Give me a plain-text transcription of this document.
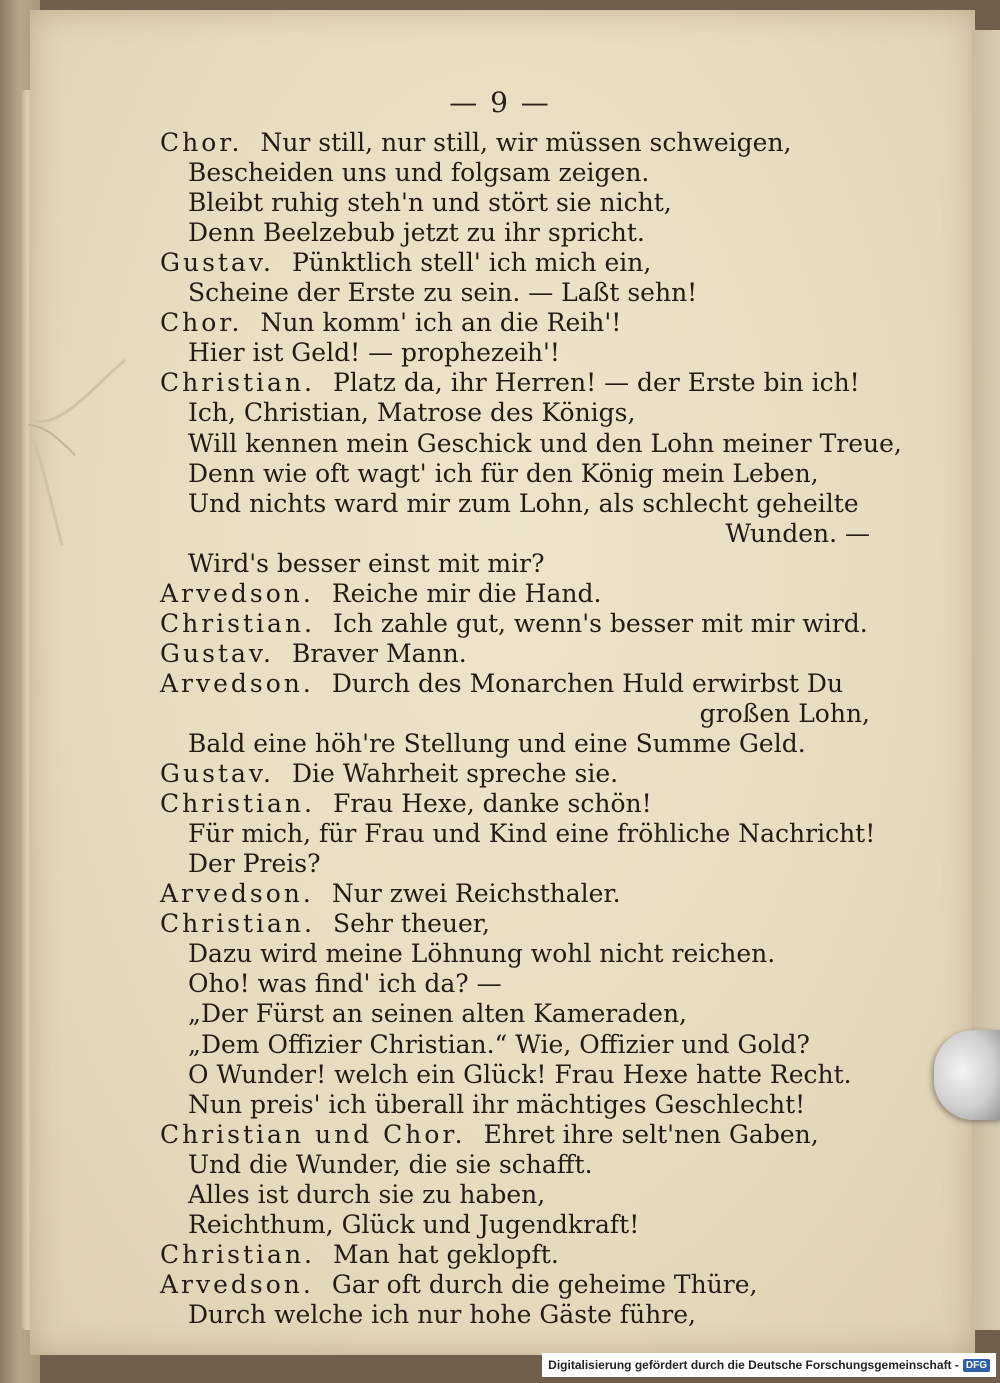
— 9 —
Chor. Nur still, nur still, wir müssen schweigen,
Bescheiden uns und folgsam zeigen.
Bleibt ruhig steh'n und stört sie nicht,
Denn Beelzebub jetzt zu ihr spricht.
Gustav. Pünktlich stell' ich mich ein,
Scheine der Erste zu sein. — Laßt sehn!
Chor. Nun komm' ich an die Reih'!
Hier ist Geld! — prophezeih'!
Christian. Platz da, ihr Herren! — der Erste bin ich!
Ich, Christian, Matrose des Königs,
Will kennen mein Geschick und den Lohn meiner Treue,
Denn wie oft wagt' ich für den König mein Leben,
Und nichts ward mir zum Lohn, als schlecht geheilte
Wunden. —
Wird's besser einst mit mir?
Arvedson. Reiche mir die Hand.
Christian. Ich zahle gut, wenn's besser mit mir wird.
Gustav. Braver Mann.
Arvedson. Durch des Monarchen Huld erwirbst Du
großen Lohn,
Bald eine höh're Stellung und eine Summe Geld.
Gustav. Die Wahrheit spreche sie.
Christian. Frau Hexe, danke schön!
Für mich, für Frau und Kind eine fröhliche Nachricht!
Der Preis?
Arvedson. Nur zwei Reichsthaler.
Christian. Sehr theuer,
Dazu wird meine Löhnung wohl nicht reichen.
Oho! was find' ich da? —
„Der Fürst an seinen alten Kameraden,
„Dem Offizier Christian.“ Wie, Offizier und Gold?
O Wunder! welch ein Glück! Frau Hexe hatte Recht.
Nun preis' ich überall ihr mächtiges Geschlecht!
Christian und Chor. Ehret ihre selt'nen Gaben,
Und die Wunder, die sie schafft.
Alles ist durch sie zu haben,
Reichthum, Glück und Jugendkraft!
Christian. Man hat geklopft.
Arvedson. Gar oft durch die geheime Thüre,
Durch welche ich nur hohe Gäste führe,
Digitalisierung gefördert durch die Deutsche Forschungsgemeinschaft - DFG
